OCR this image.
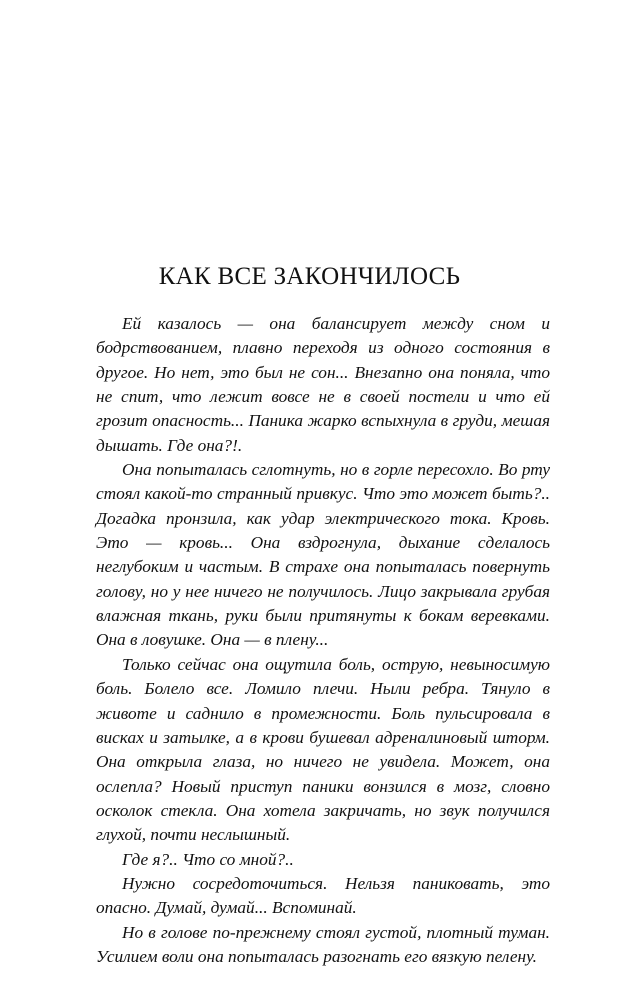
КАК ВСЕ ЗАКОНЧИЛОСЬ

Ей казалось — она балансирует между сном и бодрствованием, плавно переходя из одного состояния в другое. Но нет, это был не сон... Внезапно она поняла, что не спит, что лежит вовсе не в своей постели и что ей грозит опасность... Паника жарко вспыхнула в груди, мешая дышать. Где она?!.

Она попыталась сглотнуть, но в горле пересохло. Во рту стоял какой-то странный привкус. Что это может быть?.. Догадка пронзила, как удар электрического тока. Кровь. Это — кровь... Она вздрогнула, дыхание сделалось неглубоким и частым. В страхе она попыталась повернуть голову, но у нее ничего не получилось. Лицо закрывала грубая влажная ткань, руки были притянуты к бокам веревками. Она в ловушке. Она — в плену...

Только сейчас она ощутила боль, острую, невыносимую боль. Болело все. Ломило плечи. Ныли ребра. Тянуло в животе и саднило в промежности. Боль пульсировала в висках и затылке, а в крови бушевал адреналиновый шторм. Она открыла глаза, но ничего не увидела. Может, она ослепла? Новый приступ паники вонзился в мозг, словно осколок стекла. Она хотела закричать, но звук получился глухой, почти неслышный.

Где я?.. Что со мной?..

Нужно сосредоточиться. Нельзя паниковать, это опасно. Думай, думай... Вспоминай.

Но в голове по-прежнему стоял густой, плотный туман. Усилием воли она попыталась разогнать его вязкую пелену.
